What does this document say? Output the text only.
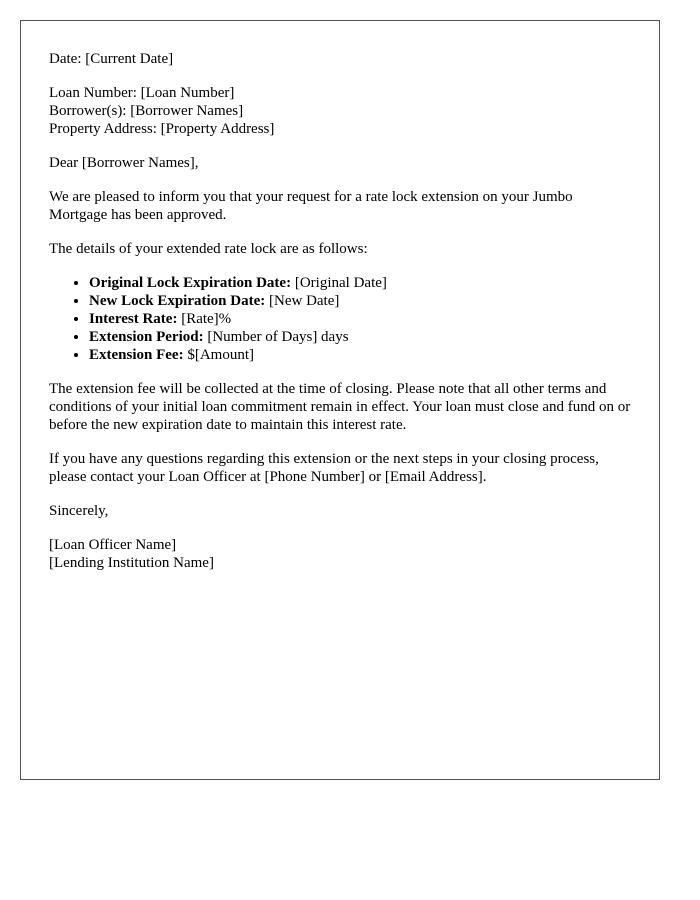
Date: [Current Date]

Loan Number: [Loan Number]

Borrower(s): [Borrower Names]

Property Address: [Property Address]

Dear [Borrower Names],

We are pleased to inform you that your request for a rate lock extension on your Jumbo Mortgage has been approved.

The details of your extended rate lock are as follows:

• Original Lock Expiration Date: [Original Date]
• New Lock Expiration Date: [New Date]
• Interest Rate: [Rate]%
• Extension Period: [Number of Days] days
• Extension Fee: $[Amount]

The extension fee will be collected at the time of closing. Please note that all other terms and conditions of your initial loan commitment remain in effect. Your loan must close and fund on or before the new expiration date to maintain this interest rate.

If you have any questions regarding this extension or the next steps in your closing process, please contact your Loan Officer at [Phone Number] or [Email Address].

Sincerely,

[Loan Officer Name]

[Lending Institution Name]
